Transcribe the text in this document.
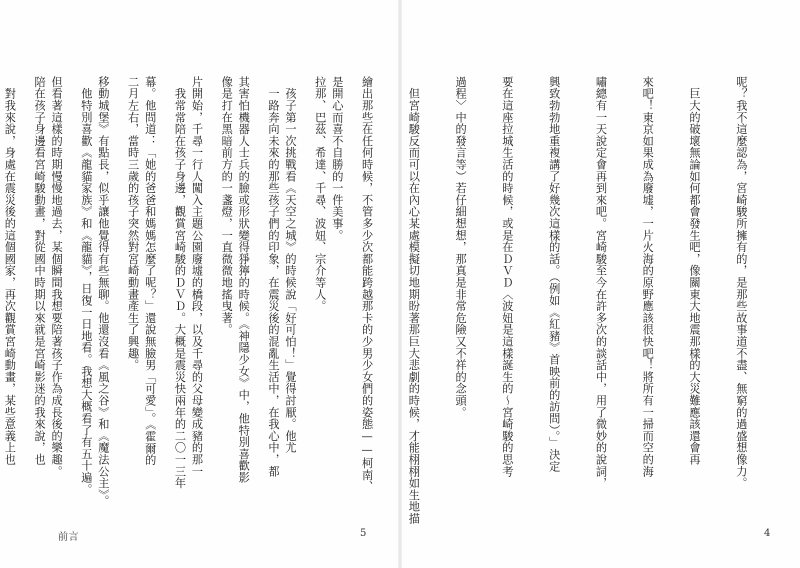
是開心而喜不自勝的一件美事。

　孩子第一次挑戰看《天空之城》的時候說「好可怕！」覺得討厭。他尤

其害怕機器人士兵的臉或形狀變得猙獰的時候。《神隱少女》中，他特別喜歡影

片開始，千尋一行人闖入主題公園廢墟的橋段，以及千尋的父母變成豬的那一

幕。他問道：「她的爸爸和媽媽怎麼了呢？」還說無臉男「可愛」。《霍爾的

移動城堡》有點長，似乎讓他覺得有些無聊。他還沒看《風之谷》和《魔法公主》。

但看著這樣的時期慢慢地過去，某個瞬間我想要陪著孩子作為成長後的樂趣。

　對我來說，身處在震災後的這個國家，再次觀賞宮崎動畫，某些意義上也

前言	5

呢？我不這麼認為，宮崎駿所擁有的，是那些故事道不盡、無窮的過盛想像力。

　巨大的破壞無論如何都會發生吧，像關東大地震那樣的大災難應該還會再

來吧！東京如果成為廢墟，一片火海的原野應該很快吧！將所有一掃而空的海

嘯總有一天說定會再到來吧。宮崎駿至今在許多次的談話中，用了微妙的說詞，

興致勃勃地重複講了好幾次這樣的話。（例如《紅豬》首映前的訪問）。」決定

要在這座拉城生活的時候，或是在ＤＶＤ〈波妞是這樣誕生的〜宮崎駿的思考

過程〉中的發言等）若仔細想想，那真是非常危險又不祥的念頭。

　但宮崎駿反而可以在內心某處模擬切地期盼著那巨大悲劇的時候，才能栩栩如生地描

繪出那些在任何時候，不管多少次都能跨越那卡的少男少女們的姿態——柯南、

拉那、巴茲、希達、千尋、波妞、宗介等人。

　一路奔向未來的那些孩子們的印象，在震災後的混亂生活中，在我心中，都

像是打在黑暗前方的一盞燈，一直微微地搖曳著。

　我常常陪在孩子身邊，觀賞宮崎駿的ＤＶＤ。大概是震災快兩年的二〇一三年

二月左右，當時三歲的孩子突然對宮崎動畫產生了興趣。

　他特別喜歡《龍貓家族》和《龍貓》，日復一日地看。我想大概看了有五十遍。

陪在孩子身邊看宮崎駿動畫，對從國中時期以來就是宮崎影迷的我來說，也

4
